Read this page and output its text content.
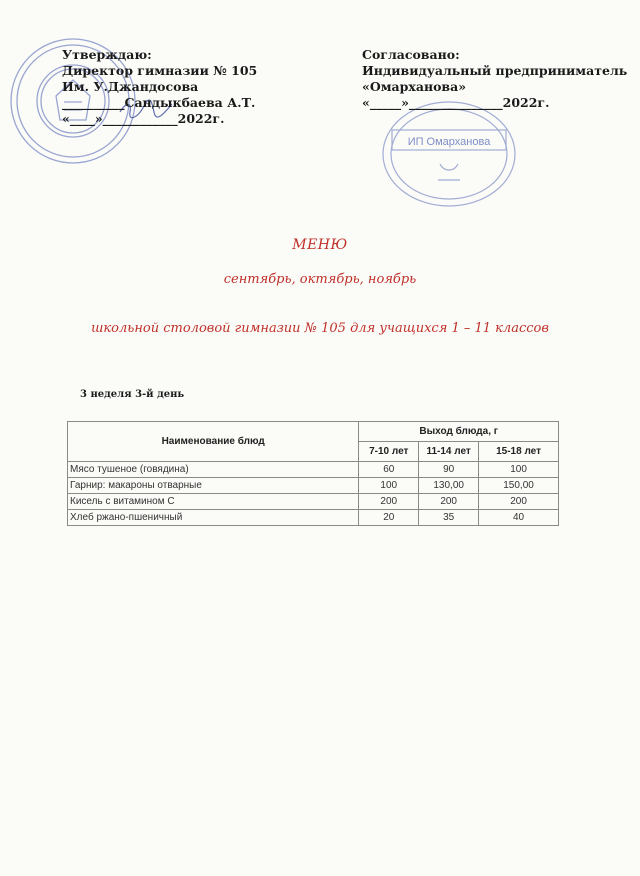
ИП Омарханова
Утверждаю:
Директор гимназии № 105
Им. У.Джандосова
__________Сандыкбаева А.Т.
«____»____________2022г.
Согласовано:
Индивидуальный предприниматель
«Омарханова»
«_____»_______________2022г.
МЕНЮ
сентябрь, октябрь, ноябрь
школьной столовой гимназии № 105 для учащихся 1 – 11 классов
3 неделя 3-й день
Наименование блюд	Выход блюда, г		
	7-10 лет	11-14 лет	15-18 лет
Мясо тушеное (говядина)	60	90	100
Гарнир: макароны отварные	100	130,00	150,00
Кисель с витамином С	200	200	200
Хлеб ржано-пшеничный	20	35	40
